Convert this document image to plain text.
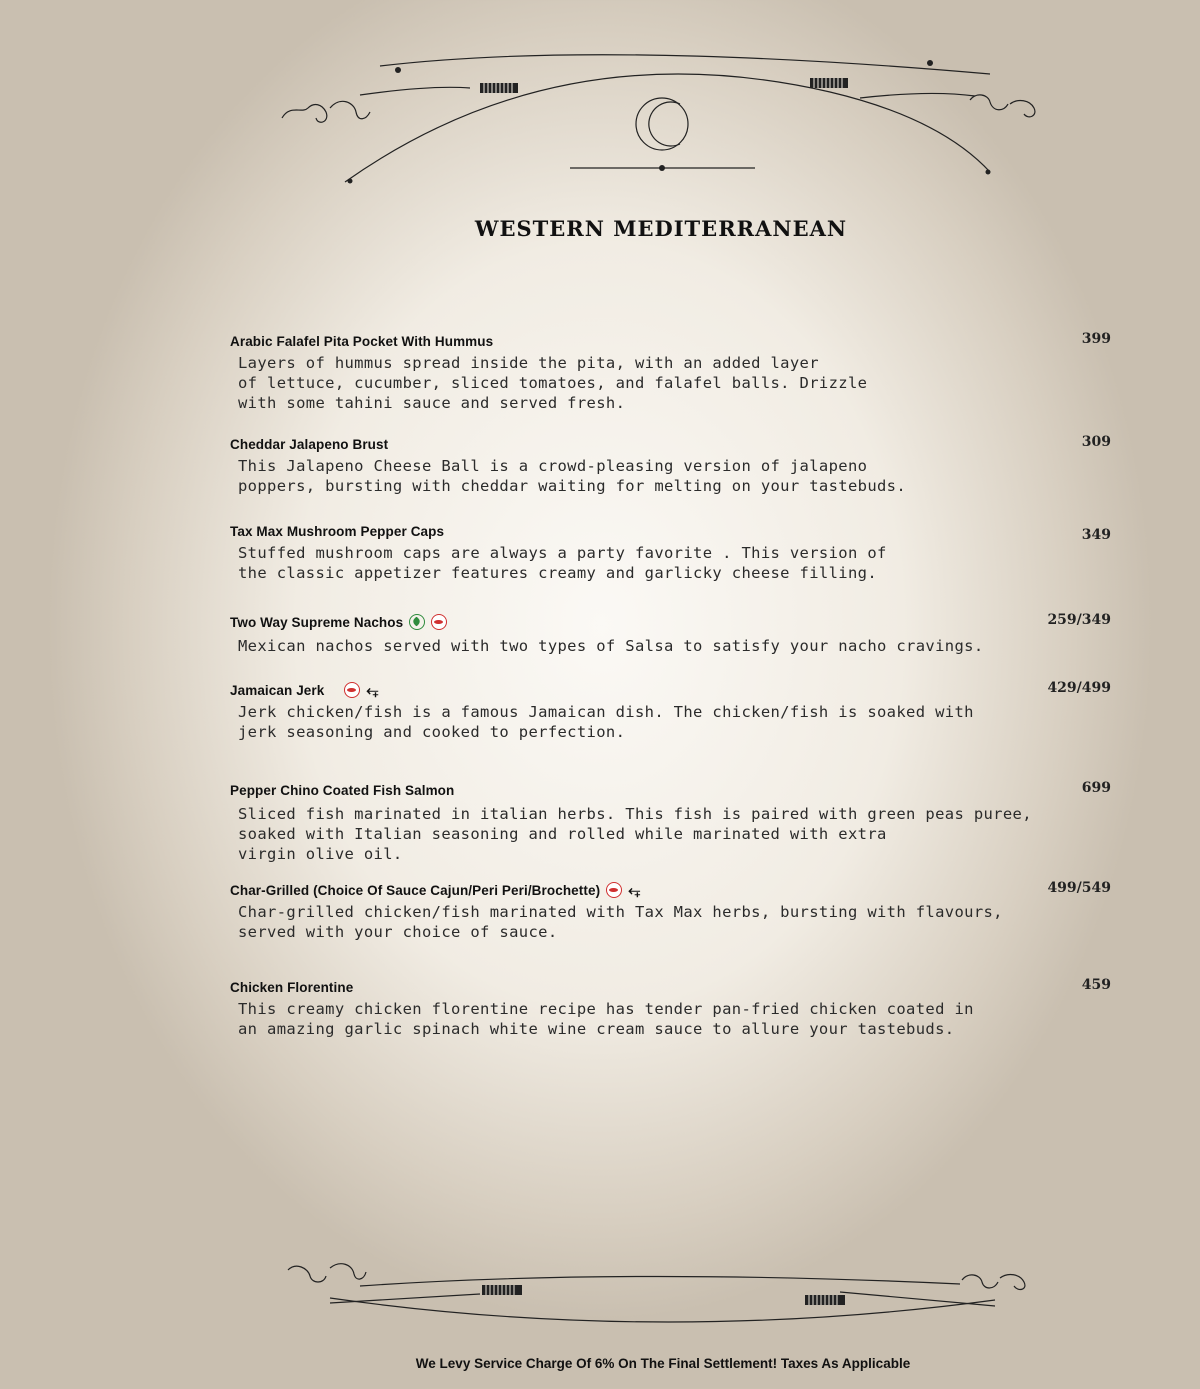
WESTERN MEDITERRANEAN
Arabic Falafel Pita Pocket With Hummus	399
Layers of hummus spread inside the pita, with an added layer
of lettuce, cucumber, sliced tomatoes, and falafel balls. Drizzle
with some tahini sauce and served fresh.
Cheddar Jalapeno Brust	309
This Jalapeno Cheese Ball is a crowd-pleasing version of jalapeno
poppers, bursting with cheddar waiting for melting on your tastebuds.
Tax Max Mushroom Pepper Caps	349
Stuffed mushroom caps are always a party favorite . This version of
the classic appetizer features creamy and garlicky cheese filling.
Two Way Supreme Nachos	259/349
Mexican nachos served with two types of Salsa to satisfy your nacho cravings.
Jamaican Jerk	⥆	429/499
Jerk chicken/fish is a famous Jamaican dish. The chicken/fish is soaked with
jerk seasoning and cooked to perfection.
Pepper Chino Coated Fish Salmon	699
Sliced fish marinated in italian herbs. This fish is paired with green peas puree,
soaked with Italian seasoning and rolled while marinated with extra
virgin olive oil.
Char-Grilled (Choice Of Sauce Cajun/Peri Peri/Brochette) ⥆	499/549
Char-grilled chicken/fish marinated with Tax Max herbs, bursting with flavours,
served with your choice of sauce.
Chicken Florentine	459
This creamy chicken florentine recipe has tender pan-fried chicken coated in
an amazing garlic spinach white wine cream sauce to allure your tastebuds.
We Levy Service Charge Of 6% On The Final Settlement! Taxes As Applicable
